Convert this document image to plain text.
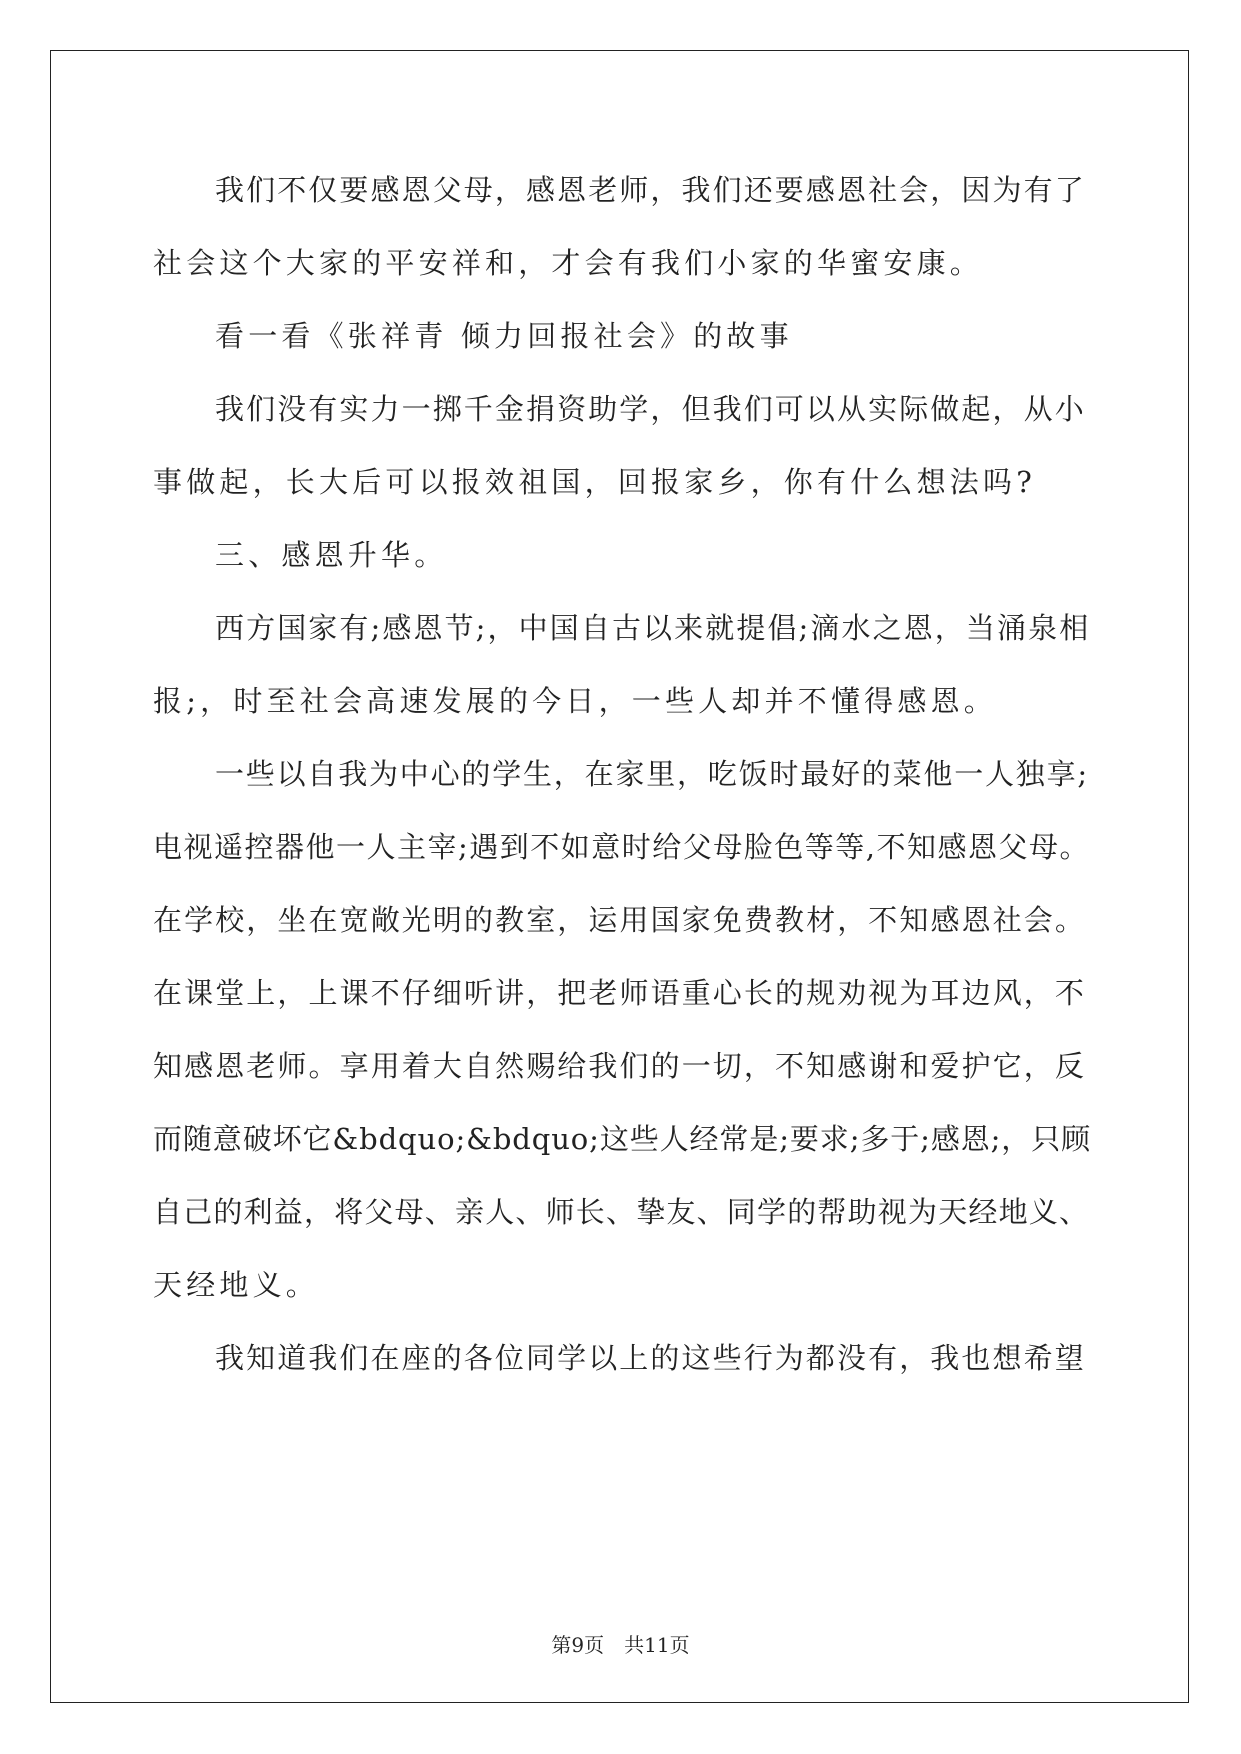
我们不仅要感恩父母，感恩老师，我们还要感恩社会，因为有了
社会这个大家的平安祥和，才会有我们小家的华蜜安康。
看一看《张祥青 倾力回报社会》的故事
我们没有实力一掷千金捐资助学，但我们可以从实际做起，从小
事做起，长大后可以报效祖国，回报家乡，你有什么想法吗?
三、感恩升华。
西方国家有;感恩节;，中国自古以来就提倡;滴水之恩，当涌泉相
报;，时至社会高速发展的今日，一些人却并不懂得感恩。
一些以自我为中心的学生，在家里，吃饭时最好的菜他一人独享;
电视遥控器他一人主宰;遇到不如意时给父母脸色等等,不知感恩父母。
在学校，坐在宽敞光明的教室，运用国家免费教材，不知感恩社会。
在课堂上，上课不仔细听讲，把老师语重心长的规劝视为耳边风，不
知感恩老师。享用着大自然赐给我们的一切，不知感谢和爱护它，反
而随意破坏它&bdquo;&bdquo;这些人经常是;要求;多于;感恩;，只顾
自己的利益，将父母、亲人、师长、挚友、同学的帮助视为天经地义、
天经地义。
我知道我们在座的各位同学以上的这些行为都没有，我也想希望
第9页　共11页
